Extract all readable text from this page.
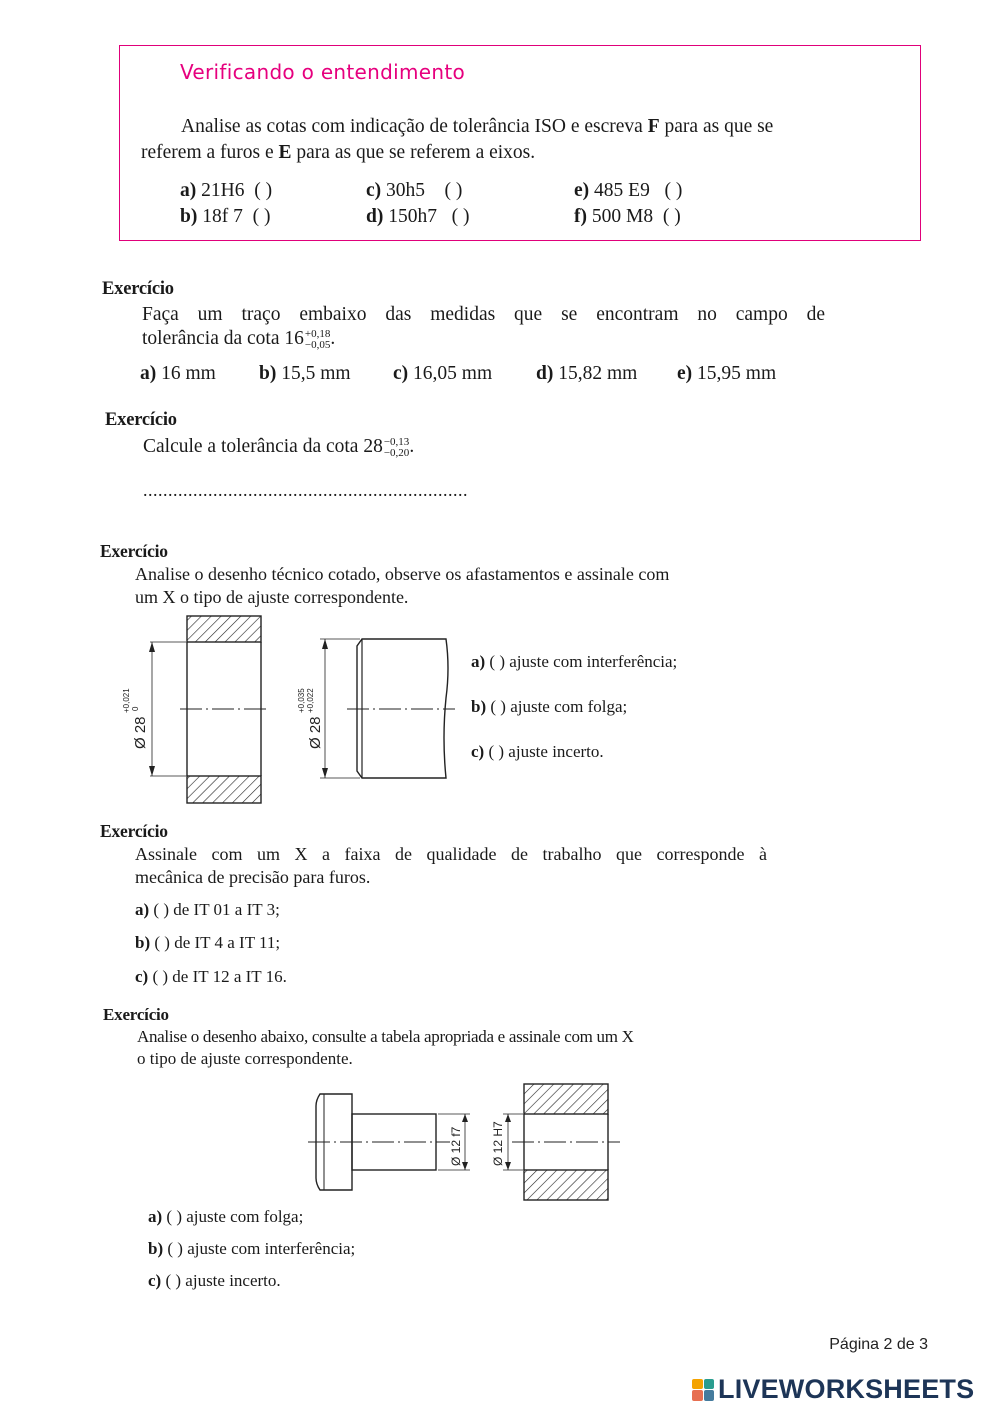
Verificando o entendimento
Analise as cotas com indicação de tolerância ISO e escreva F para as que se
referem a furos e E para as que se referem a eixos.
a) 21H6 ( )
b) 18f 7 ( )
c) 30h5 ( )
d) 150h7 ( )
e) 485 E9 ( )
f) 500 M8 ( )
Exercício
Faça um traço embaixo das medidas que se encontram no campo de
tolerância da cota 16 +0,18
−0,05 .
a) 16 mm b) 15,5 mm c) 16,05 mm d) 15,82 mm e) 15,95 mm
Exercício
Calcule a tolerância da cota 28 −0,13
−0,20 .
.................................................................
Exercício
Analise o desenho técnico cotado, observe os afastamentos e assinale com
um X o tipo de ajuste correspondente.
Ø 28
+0,021 0
Ø 28
+0,035 +0,022
a) ( ) ajuste com interferência;
b) ( ) ajuste com folga;
c) ( ) ajuste incerto.
Exercício
Assinale com um X a faixa de qualidade de trabalho que corresponde à
mecânica de precisão para furos.
a) ( ) de IT 01 a IT 3;
b) ( ) de IT 4 a IT 11;
c) ( ) de IT 12 a IT 16.
Exercício
Analise o desenho abaixo, consulte a tabela apropriada e assinale com um X
o tipo de ajuste correspondente.
Ø 12 f7 Ø 12 H7
a) ( ) ajuste com folga;
b) ( ) ajuste com interferência;
c) ( ) ajuste incerto.
Página 2 de 3
LIVEWORKSHEETS
